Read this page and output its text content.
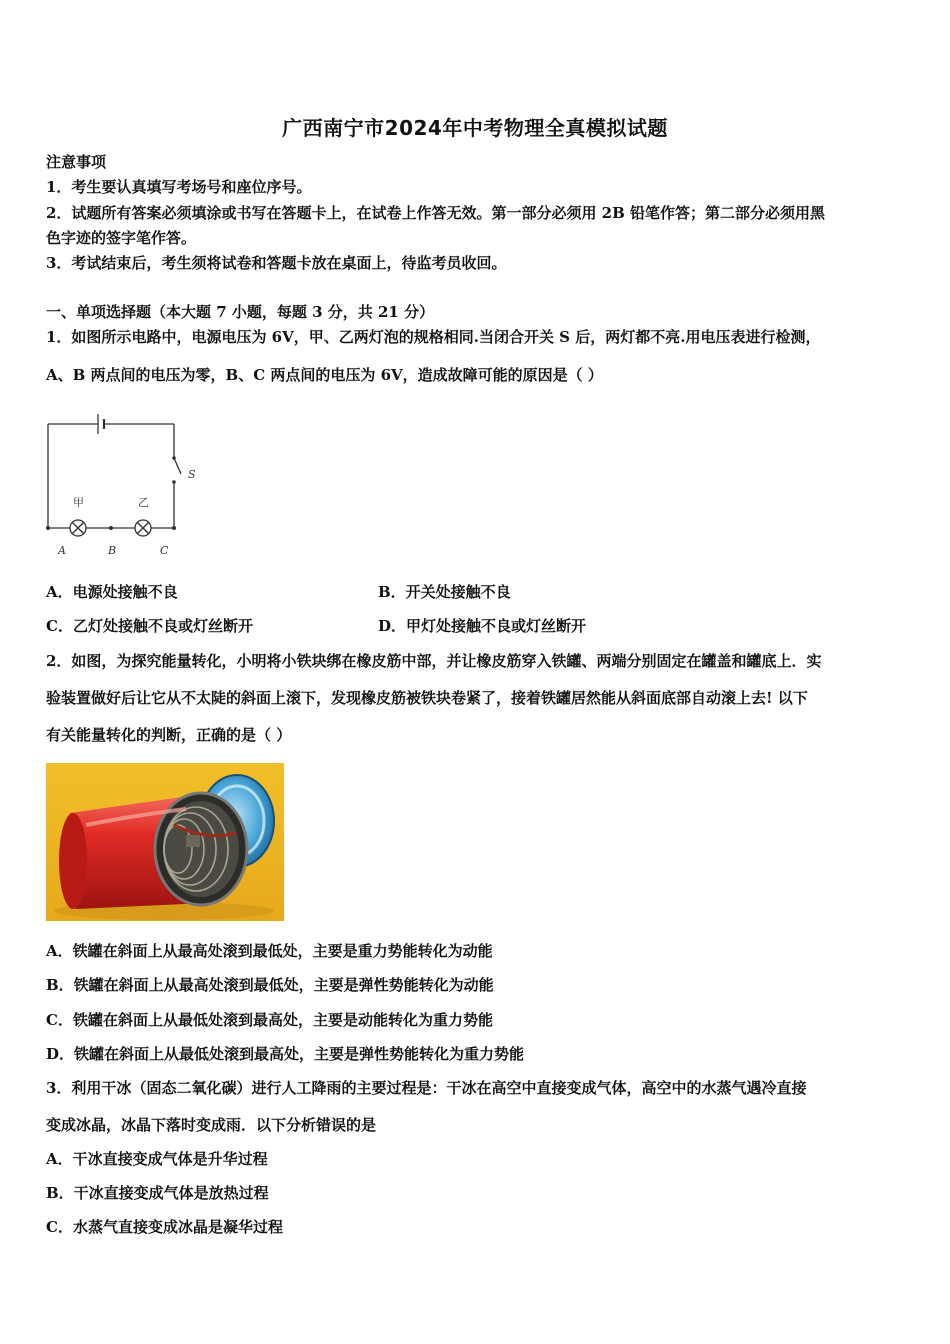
广西南宁市2024年中考物理全真模拟试题
注意事项
1．考生要认真填写考场号和座位序号。
2．试题所有答案必须填涂或书写在答题卡上，在试卷上作答无效。第一部分必须用 2B 铅笔作答；第二部分必须用黑
色字迹的签字笔作答。
3．考试结束后，考生须将试卷和答题卡放在桌面上，待监考员收回。
一、单项选择题（本大题 7 小题，每题 3 分，共 21 分）
1．如图所示电路中，电源电压为 6V，甲、乙两灯泡的规格相同.当闭合开关 S 后，两灯都不亮.用电压表进行检测，
A、B 两点间的电压为零，B、C 两点间的电压为 6V，造成故障可能的原因是（ ）
甲	乙
S
A	B	C
A．电源处接触不良	B．开关处接触不良
C．乙灯处接触不良或灯丝断开	D．甲灯处接触不良或灯丝断开
2．如图，为探究能量转化，小明将小铁块绑在橡皮筋中部，并让橡皮筋穿入铁罐、两端分别固定在罐盖和罐底上．实
验装置做好后让它从不太陡的斜面上滚下，发现橡皮筋被铁块卷紧了，接着铁罐居然能从斜面底部自动滚上去! 以下
有关能量转化的判断，正确的是（ ）
A．铁罐在斜面上从最高处滚到最低处，主要是重力势能转化为动能
B．铁罐在斜面上从最高处滚到最低处，主要是弹性势能转化为动能
C．铁罐在斜面上从最低处滚到最高处，主要是动能转化为重力势能
D．铁罐在斜面上从最低处滚到最高处，主要是弹性势能转化为重力势能
3．利用干冰（固态二氧化碳）进行人工降雨的主要过程是：干冰在高空中直接变成气体，高空中的水蒸气遇冷直接
变成冰晶，冰晶下落时变成雨．以下分析错误的是
A．干冰直接变成气体是升华过程
B．干冰直接变成气体是放热过程
C．水蒸气直接变成冰晶是凝华过程
